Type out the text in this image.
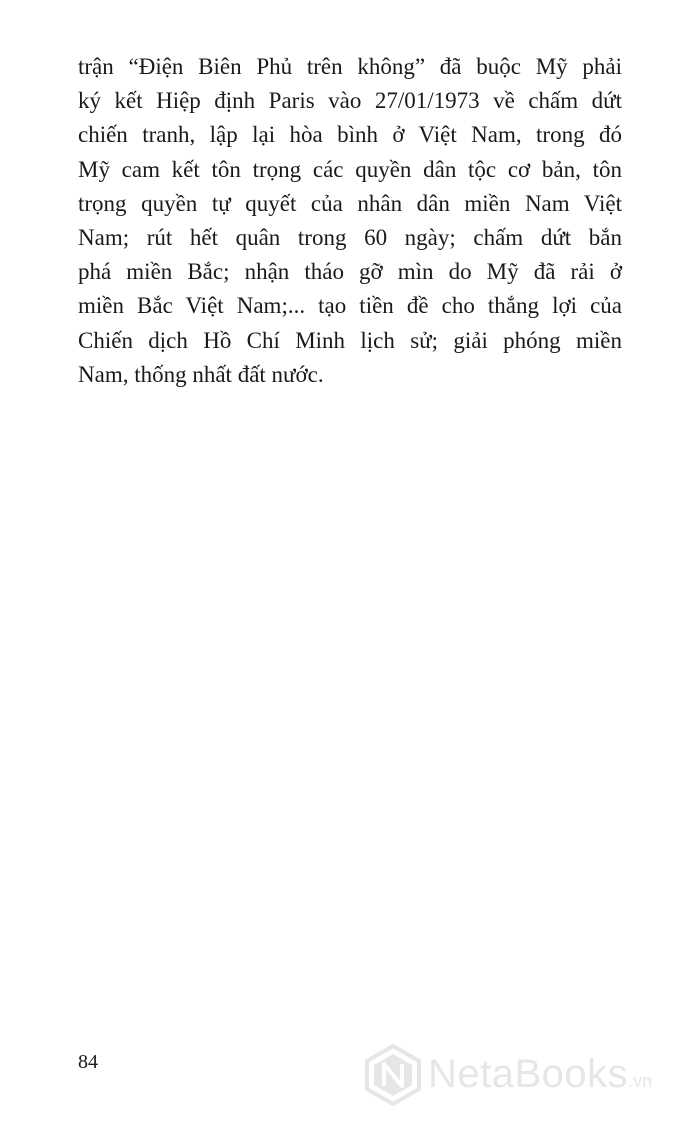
trận “Điện Biên Phủ trên không” đã buộc Mỹ phải
ký kết Hiệp định Paris vào 27/01/1973 về chấm dứt
chiến tranh, lập lại hòa bình ở Việt Nam, trong đó
Mỹ cam kết tôn trọng các quyền dân tộc cơ bản, tôn
trọng quyền tự quyết của nhân dân miền Nam Việt
Nam; rút hết quân trong 60 ngày; chấm dứt bắn
phá miền Bắc; nhận tháo gỡ mìn do Mỹ đã rải ở
miền Bắc Việt Nam;... tạo tiền đề cho thắng lợi của
Chiến dịch Hồ Chí Minh lịch sử; giải phóng miền
Nam, thống nhất đất nước.
84	NetaBooks.vn
